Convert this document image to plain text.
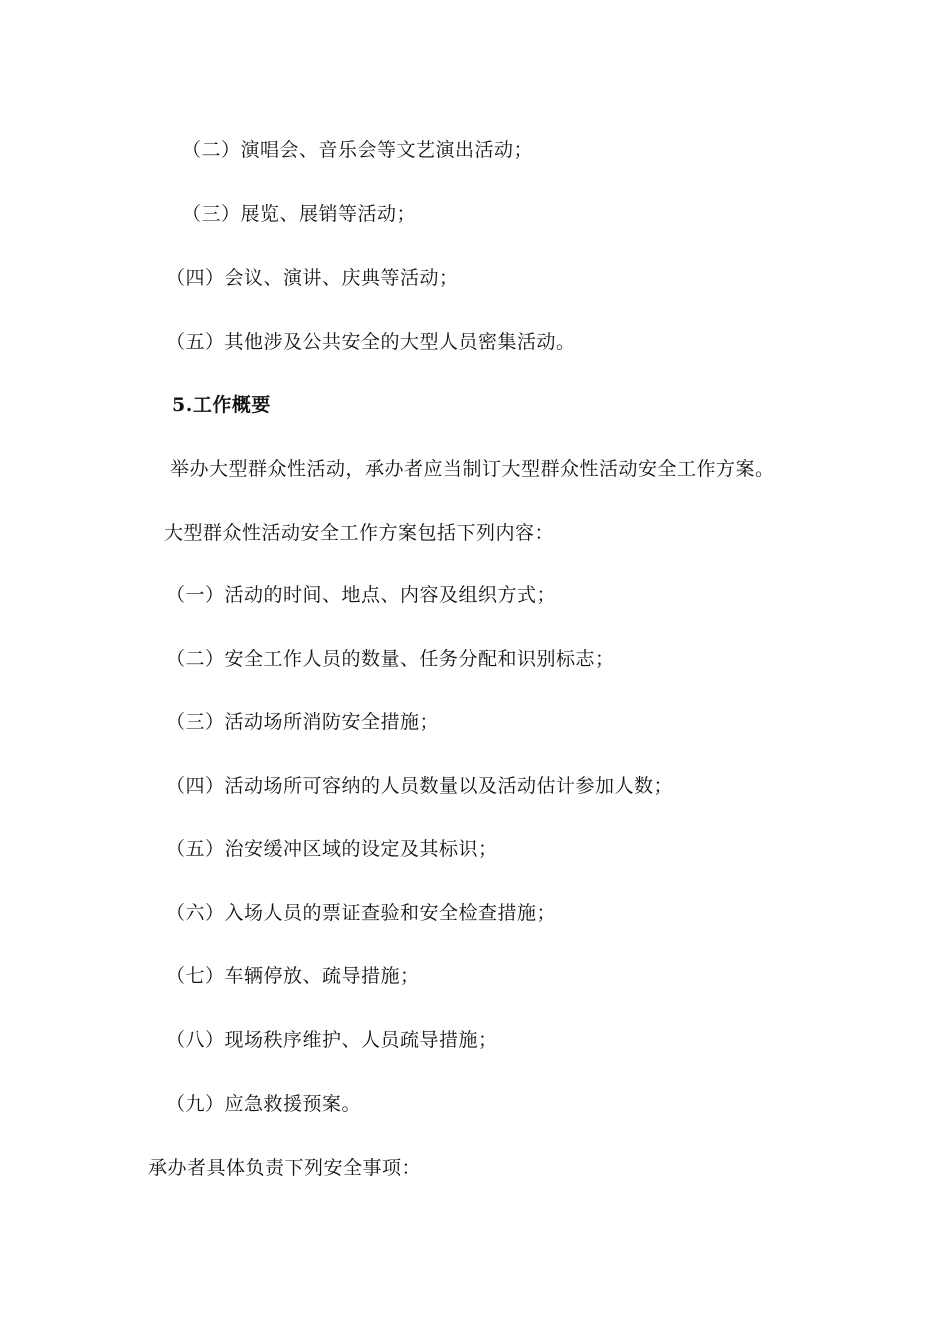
（二）演唱会、音乐会等文艺演出活动；
（三）展览、展销等活动；
（四）会议、演讲、庆典等活动；
（五）其他涉及公共安全的大型人员密集活动。
5.工作概要
举办大型群众性活动，承办者应当制订大型群众性活动安全工作方案。
大型群众性活动安全工作方案包括下列内容：
（一）活动的时间、地点、内容及组织方式；
（二）安全工作人员的数量、任务分配和识别标志；
（三）活动场所消防安全措施；
（四）活动场所可容纳的人员数量以及活动估计参加人数；
（五）治安缓冲区域的设定及其标识；
（六）入场人员的票证查验和安全检查措施；
（七）车辆停放、疏导措施；
（八）现场秩序维护、人员疏导措施；
（九）应急救援预案。
承办者具体负责下列安全事项：
